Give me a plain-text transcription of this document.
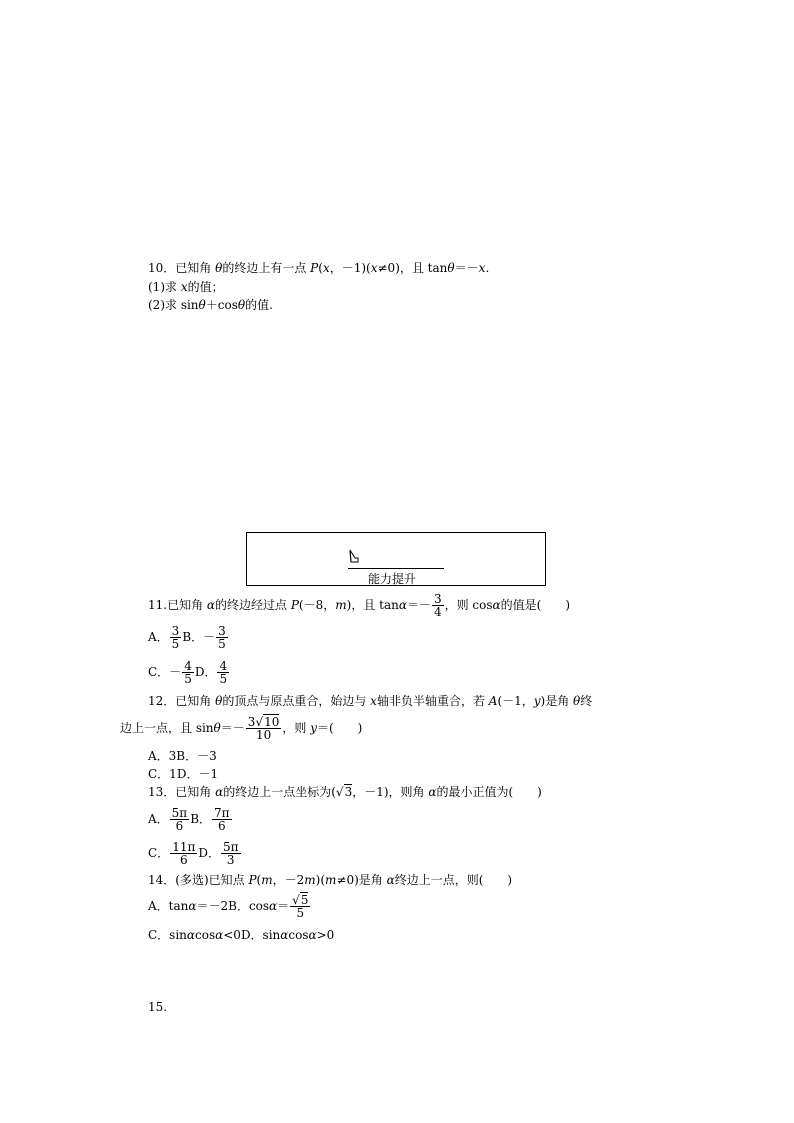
10．已知角 θ的终边上有一点 P(x，－1)(x≠0)，且 tanθ＝－x.
(1)求 x的值；
(2)求 sinθ＋cosθ的值.
能力提升
11.已知角 α的终边经过点 P(－8，m)，且 $\tan\alpha=- \frac{3}{4}$ ，则 cosα的值是(　　)
A． $\frac{3}{5}$ B．－ $\frac{3}{5}$
C．－ $\frac{4}{5}$ D． $\frac{4}{5}$
12．已知角 θ的顶点与原点重合，始边与 x轴非负半轴重合，若 A(－1，y)是角 θ终
边上一点，且 $\sin\theta=- \frac{3√10}{10}$ ，则 y＝(　　)
A．3B．－3
C．1D．－1
13．已知角 α的终边上一点坐标为(√3，－1)，则角 α的最小正值为(　　)
A． $\frac{5\pi}{6}$ B． $\frac{7\pi}{6}$
C． $\frac{11\pi}{6}$ D． $\frac{5\pi}{3}$
14．(多选)已知点 P(m，－2m)(m≠0)是角 α终边上一点，则(　　)
A．tanα＝－2B．$\cos\alpha= \frac{√5}{5}$
C．sinαcosα<0D．sinαcosα>0
15.
